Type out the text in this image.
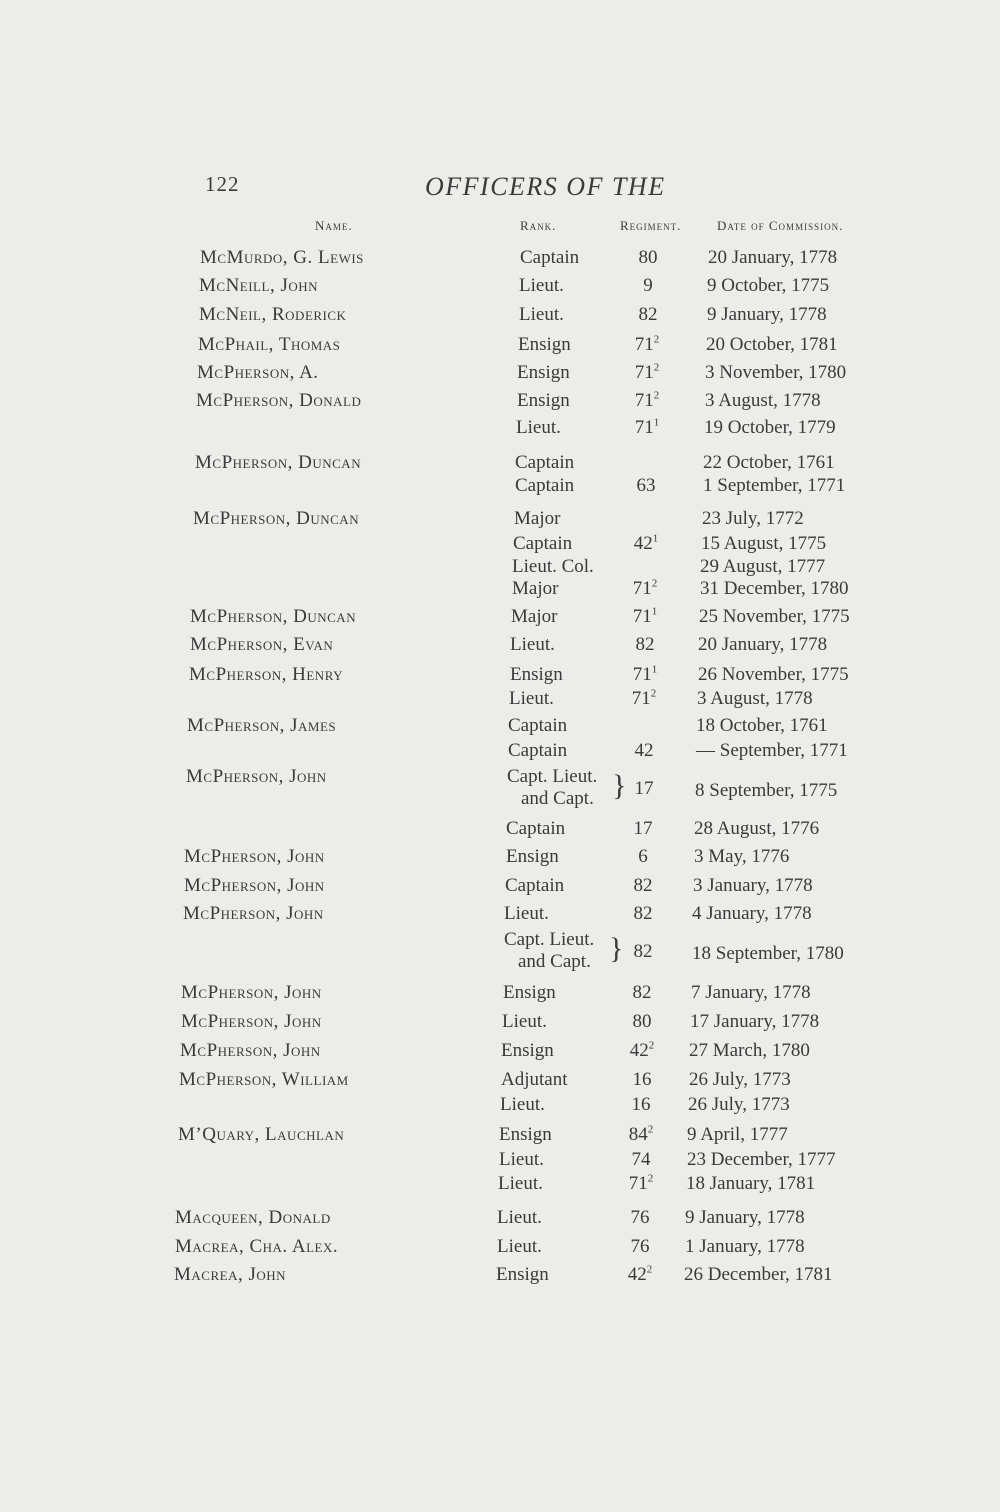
122	OFFICERS OF THE
Name.	Rank.	Regiment.	Date of Commission.
McMurdo, G. Lewis	Captain	80	20 January, 1778
McNeill, John	Lieut.	9	9 October, 1775
McNeil, Roderick	Lieut.	82	9 January, 1778
McPhail, Thomas	Ensign	$71^2$	20 October, 1781
McPherson, A.	Ensign	$71^2$	3 November, 1780
McPherson, Donald	Ensign	$71^2$	3 August, 1778
Lieut.	$71^1$	19 October, 1779
McPherson, Duncan	Captain	22 October, 1761
Captain	63	1 September, 1771
McPherson, Duncan	Major	23 July, 1772
Captain	$42^1$	15 August, 1775
Lieut. Col.	29 August, 1777
Major	$71^2$	31 December, 1780
McPherson, Duncan	Major	$71^1$	25 November, 1775
McPherson, Evan	Lieut.	82	20 January, 1778
McPherson, Henry	Ensign	$71^1$	26 November, 1775
Lieut.	$71^2$	3 August, 1778
McPherson, James	Captain	18 October, 1761
Captain	42	— September, 1771
McPherson, John	Capt. Lieut.
and Capt. } 17	8 September, 1775
Captain	17	28 August, 1776
McPherson, John	Ensign	6	3 May, 1776
McPherson, John	Captain	82	3 January, 1778
McPherson, John	Lieut.	82	4 January, 1778
Capt. Lieut.
and Capt. } 82	18 September, 1780
McPherson, John	Ensign	82	7 January, 1778
McPherson, John	Lieut.	80	17 January, 1778
McPherson, John	Ensign	$42^2$	27 March, 1780
McPherson, William	Adjutant	16	26 July, 1773
Lieut.	16	26 July, 1773
M’Quary, Lauchlan	Ensign	$84^2$	9 April, 1777
Lieut.	74	23 December, 1777
Lieut.	$71^2$	18 January, 1781
Macqueen, Donald	Lieut.	76	9 January, 1778
Macrea, Cha. Alex.	Lieut.	76	1 January, 1778
Macrea, John	Ensign	$42^2$	26 December, 1781
